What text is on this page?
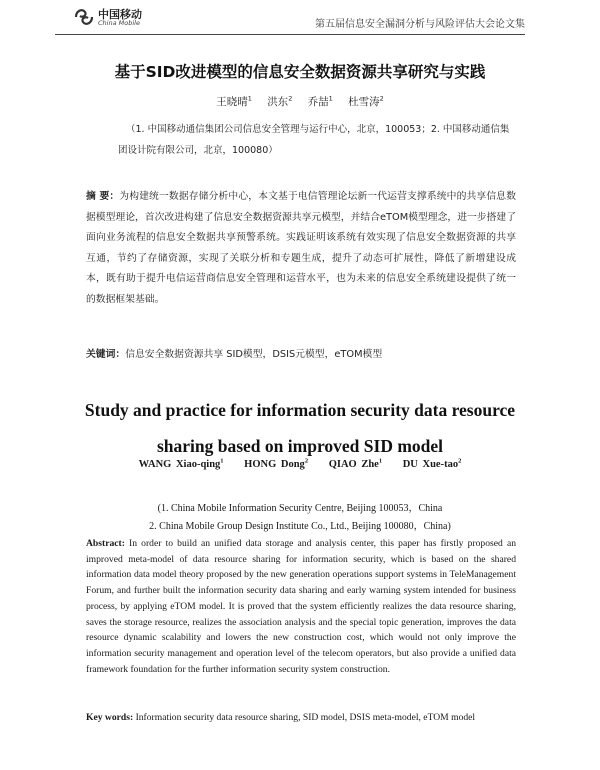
中国移动
China Mobile	第五届信息安全漏洞分析与风险评估大会论文集
基于SID改进模型的信息安全数据资源共享研究与实践
王晓晴$^1$ 洪东$^2$ 乔喆$^1$ 杜雪涛$^2$
（1. 中国移动通信集团公司信息安全管理与运行中心，北京，100053；2. 中国移动通信集团设计院有限公司，北京，100080）
摘 要：为构建统一数据存储分析中心，本文基于电信管理论坛新一代运营支撑系统中的共享信息数据模型理论，首次改进构建了信息安全数据资源共享元模型，并结合eTOM模型理念，进一步搭建了面向业务流程的信息安全数据共享预警系统。实践证明该系统有效实现了信息安全数据资源的共享互通，节约了存储资源，实现了关联分析和专题生成，提升了动态可扩展性，降低了新增建设成本，既有助于提升电信运营商信息安全管理和运营水平，也为未来的信息安全系统建设提供了统一的数据框架基础。
关键词：信息安全数据资源共享 SID模型，DSIS元模型，eTOM模型
Study and practice for information security data resource
sharing based on improved SID model
WANG Xiao-qing$^1$ HONG Dong$^2$ QIAO Zhe$^1$ DU Xue-tao$^2$
(1. China Mobile Information Security Centre, Beijing 100053，China
2. China Mobile Group Design Institute Co., Ltd., Beijing 100080，China)
Abstract: In order to build an unified data storage and analysis center, this paper has firstly proposed an improved meta-model of data resource sharing for information security, which is based on the shared information data model theory proposed by the new generation operations support systems in TeleManagement Forum, and further built the information security data sharing and early warning system intended for business process, by applying eTOM model. It is proved that the system efficiently realizes the data resource sharing, saves the storage resource, realizes the association analysis and the special topic generation, improves the data resource dynamic scalability and lowers the new construction cost, which would not only improve the information security management and operation level of the telecom operators, but also provide a unified data framework foundation for the further information security system construction.
Key words: Information security data resource sharing, SID model, DSIS meta-model, eTOM model
